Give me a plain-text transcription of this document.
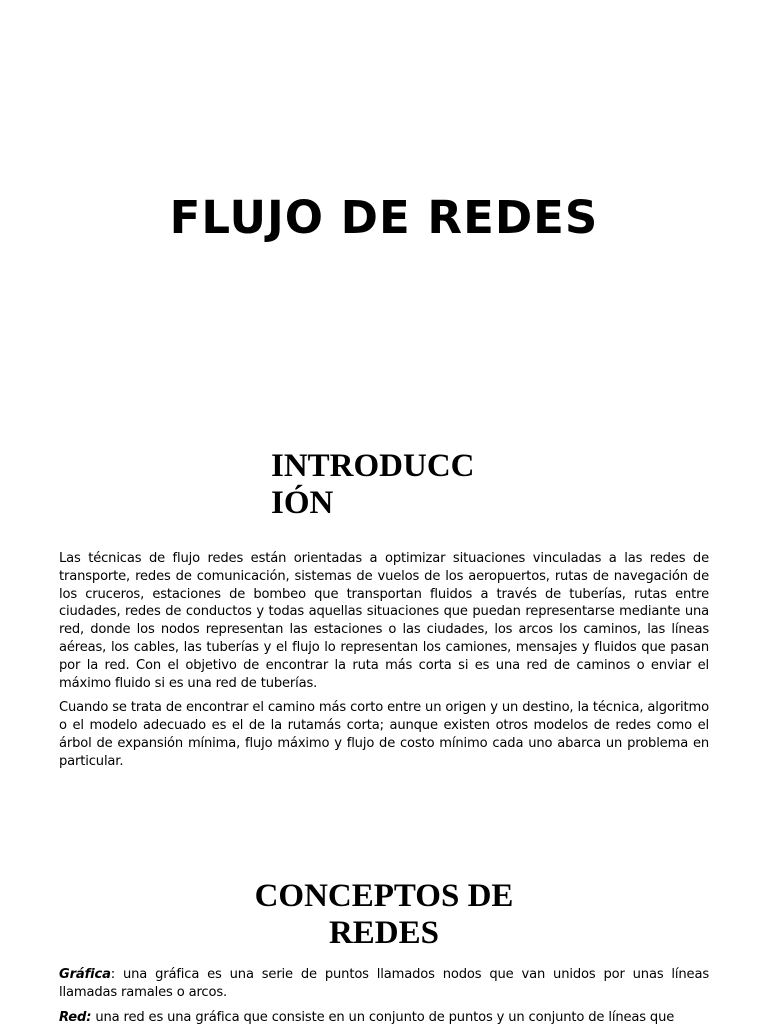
FLUJO DE REDES
INTRODUCC
IÓN

Las técnicas de flujo redes están orientadas a optimizar situaciones vinculadas a las redes de transporte, redes de comunicación, sistemas de vuelos de los aeropuertos, rutas de navegación de los cruceros, estaciones de bombeo que transportan fluidos a través de tuberías, rutas entre ciudades, redes de conductos y todas aquellas situaciones que puedan representarse mediante una red, donde los nodos representan las estaciones o las ciudades, los arcos los caminos, las líneas aéreas, los cables, las tuberías y el flujo lo representan los camiones, mensajes y fluidos que pasan por la red. Con el objetivo de encontrar la ruta más corta si es una red de caminos o enviar el máximo fluido si es una red de tuberías.

Cuando se trata de encontrar el camino más corto entre un origen y un destino, la técnica, algoritmo o el modelo adecuado es el de la rutamás corta; aunque existen otros modelos de redes como el árbol de expansión mínima, flujo máximo y flujo de costo mínimo cada uno abarca un problema en particular.

CONCEPTOS DE
REDES

Gráfica: una gráfica es una serie de puntos llamados nodos que van unidos por unas líneas llamadas ramales o arcos.

Red: una red es una gráfica que consiste en un conjunto de puntos y un conjunto de líneas que
